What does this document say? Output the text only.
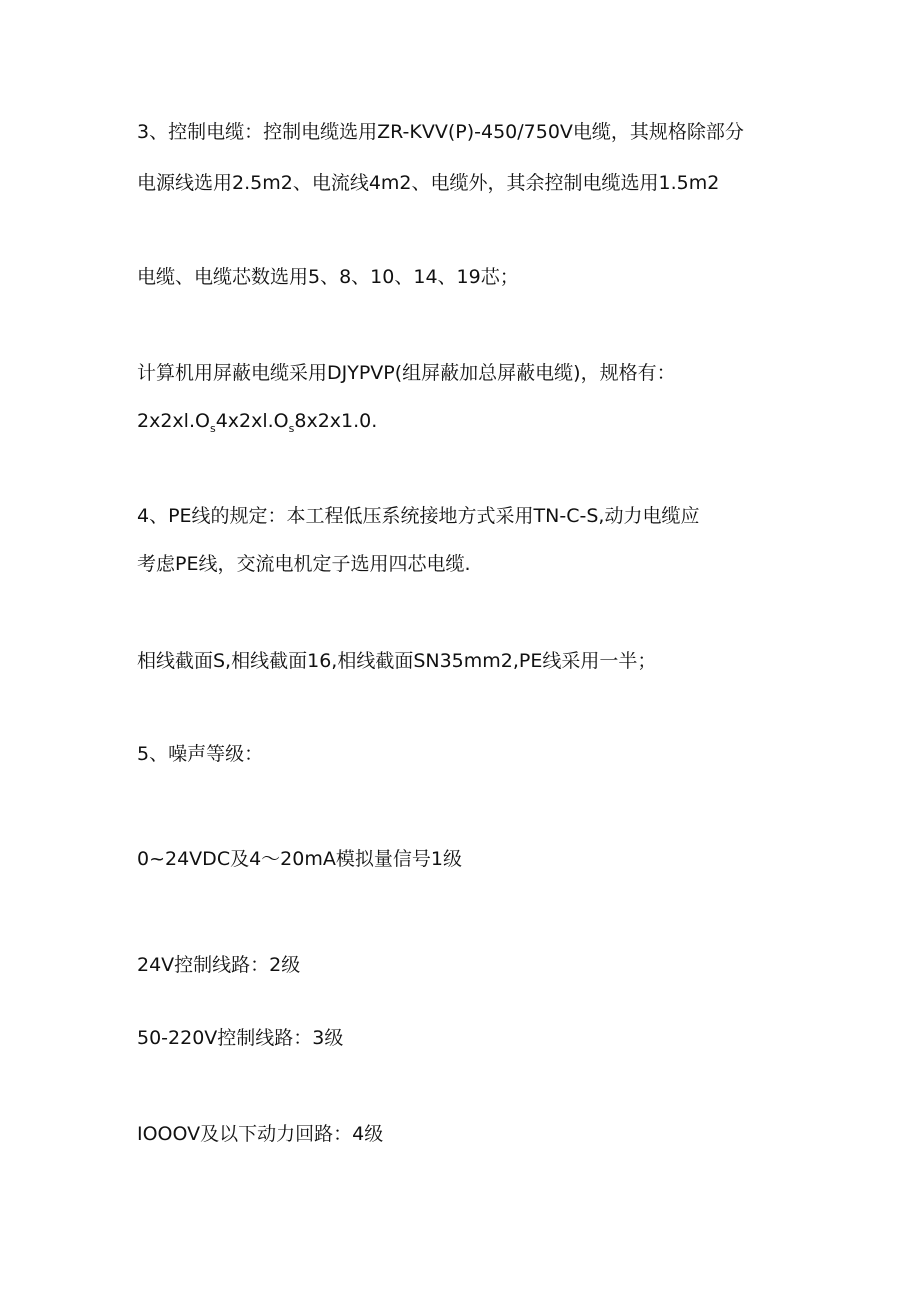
3、控制电缆：控制电缆选用ZR-KVV(P)-450∕750V电缆，其规格除部分
电源线选用2.5m2、电流线4m2、电缆外，其余控制电缆选用1.5m2
电缆、电缆芯数选用5、8、10、14、19芯；
计算机用屏蔽电缆采用DJYPVP(组屏蔽加总屏蔽电缆)，规格有：
$2x2xl.O_s4x2xl.O_s8x2x1.0$.
4、PE线的规定：本工程低压系统接地方式采用TN-C-S,动力电缆应
考虑PE线，交流电机定子选用四芯电缆.
相线截面S,相线截面16,相线截面SN35mm2,PE线采用一半；
5、噪声等级：
0~24VDC及4～20mA模拟量信号1级
24V控制线路：2级
50-220V控制线路：3级
IOOOV及以下动力回路：4级
